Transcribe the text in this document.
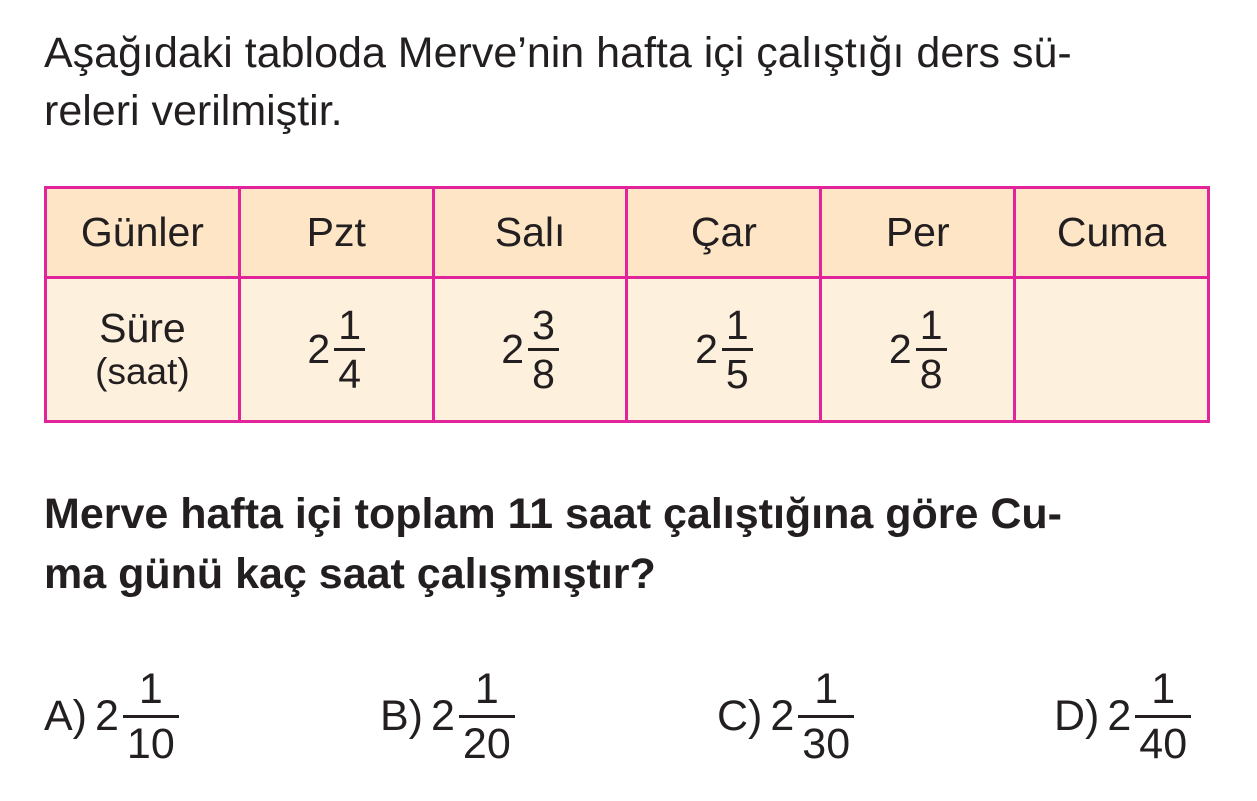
Aşağıdaki tabloda Merve’nin hafta içi çalıştığı ders sü-
releri verilmiştir.

Günler	Pzt	Salı	Çar	Per	Cuma

Süre
(saat)	$2 \frac{1}{4}$	$2 \frac{3}{8}$	$2 \frac{1}{5}$	$2 \frac{1}{8}$

Merve hafta içi toplam 11 saat çalıştığına göre Cu-
ma günü kaç saat çalışmıştır?

A) $2 \frac{1}{10}$	B) $2 \frac{1}{20}$	C) $2 \frac{1}{30}$	D) $2 \frac{1}{40}$
